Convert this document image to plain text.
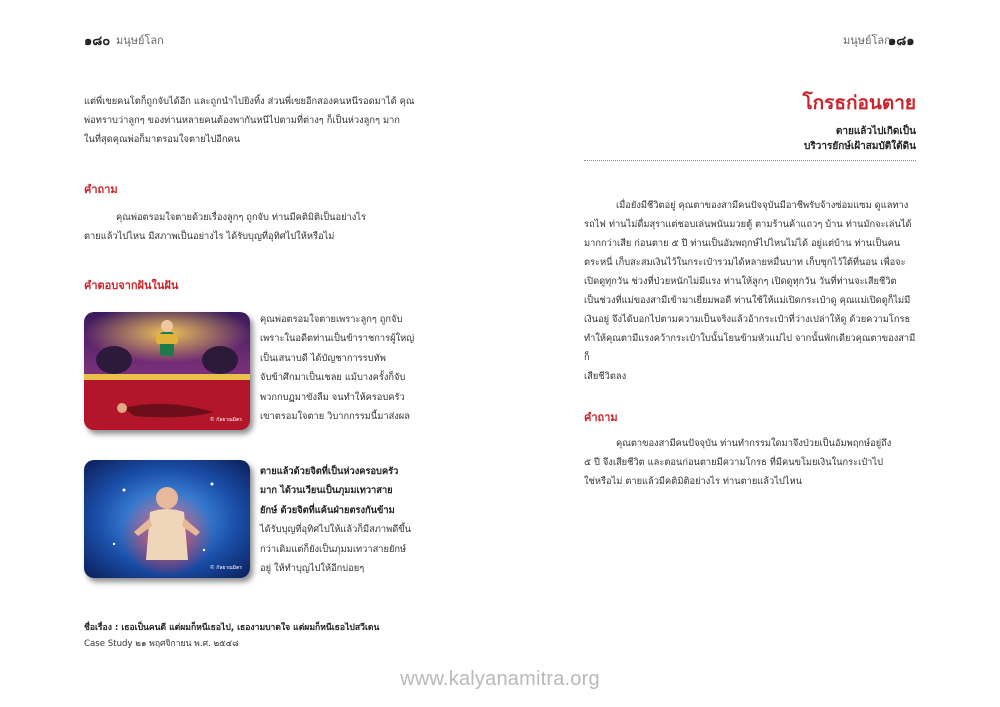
๑๘๐ มนุษย์โลก

แต่พี่เขยคนโตก็ถูกจับได้อีก และถูกนำไปยิงทิ้ง ส่วนพี่เขยอีกสองคนหนีรอดมาได้ คุณ

พ่อทราบว่าลูกๆ ของท่านหลายคนต้องพากันหนีไปตามที่ต่างๆ ก็เป็นห่วงลูกๆ มาก

ในที่สุดคุณพ่อก็มาตรอมใจตายไปอีกคน

คำถาม

คุณพ่อตรอมใจตายด้วยเรื่องลูกๆ ถูกจับ ท่านมีคติมิติเป็นอย่างไร

ตายแล้วไปไหน มีสภาพเป็นอย่างไร ได้รับบุญที่อุทิศไปให้หรือไม่

คำตอบจากฝันในฝัน
© กัลยาณมิตร

คุณพ่อตรอมใจตายเพราะลูกๆ ถูกจับ

เพราะในอดีตท่านเป็นข้าราชการผู้ใหญ่

เป็นเสนาบดี ได้บัญชาการรบทัพ

จับข้าศึกมาเป็นเชลย แม้บางครั้งก็จับ

พวกกบฏมาขังลืม จนทำให้ครอบครัว

เขาตรอมใจตาย วิบากกรรมนี้มาส่งผล

© กัลยาณมิตร

ตายแล้วด้วยจิตที่เป็นห่วงครอบครัว

มาก ได้วนเวียนเป็นภุมมเทวาสาย

ยักษ์ ด้วยจิตที่แค้นฝ่ายตรงกันข้าม

ได้รับบุญที่อุทิศไปให้แล้วก็มีสภาพดีขึ้น

กว่าเดิมแต่ก็ยังเป็นภุมมเทวาสายยักษ์

อยู่ ให้ทำบุญไปให้อีกบ่อยๆ

ชื่อเรื่อง : เธอเป็นคนดี แต่ผมก็หนีเธอไป, เธองามบาดใจ แต่ผมก็หนีเธอไปสวีเดน
Case Study ๒๑ พฤศจิกายน พ.ศ. ๒๕๔๘
มนุษย์โลก
๑๘๑
โกรธก่อนตาย
ตายแล้วไปเกิดเป็น
บริวารยักษ์เฝ้าสมบัติใต้ดิน

เมื่อยังมีชีวิตอยู่ คุณตาของสามีคนปัจจุบันมีอาชีพรับจ้างซ่อมแซม ดูแลทาง

รถไฟ ท่านไม่ดื่มสุราแต่ชอบเล่นพนันมวยตู้ ตามร้านค้าแถวๆ บ้าน ท่านมักจะเล่นได้

มากกว่าเสีย ก่อนตาย ๕ ปี ท่านเป็นอัมพฤกษ์ไปไหนไม่ได้ อยู่แต่บ้าน ท่านเป็นคน

ตระหนี่ เก็บสะสมเงินไว้ในกระเป๋ารวมได้หลายหมื่นบาท เก็บซุกไว้ใต้ที่นอน เพื่อจะ

เปิดดูทุกวัน ช่วงที่ป่วยหนักไม่มีแรง ท่านให้ลูกๆ เปิดดูทุกวัน วันที่ท่านจะเสียชีวิต

เป็นช่วงที่แม่ของสามีเข้ามาเยี่ยมพอดี ท่านใช้ให้แม่เปิดกระเป๋าดู คุณแม่เปิดดูก็ไม่มี

เงินอยู่ จึงได้บอกไปตามความเป็นจริงแล้วอ้ากระเป๋าที่ว่างเปล่าให้ดู ด้วยความโกรธ

ทำให้คุณตามีแรงคว้ากระเป๋าใบนั้นโยนข้ามหัวแม่ไป จากนั้นพักเดียวคุณตาของสามีก็

เสียชีวิตลง

คำถาม

คุณตาของสามีคนปัจจุบัน ท่านทำกรรมใดมาจึงป่วยเป็นอัมพฤกษ์อยู่ถึง

๕ ปี จึงเสียชีวิต และตอนก่อนตายมีความโกรธ ที่มีคนขโมยเงินในกระเป๋าไป

ใช่หรือไม่ ตายแล้วมีคติมิติอย่างไร ท่านตายแล้วไปไหน

www.kalyanamitra.org
